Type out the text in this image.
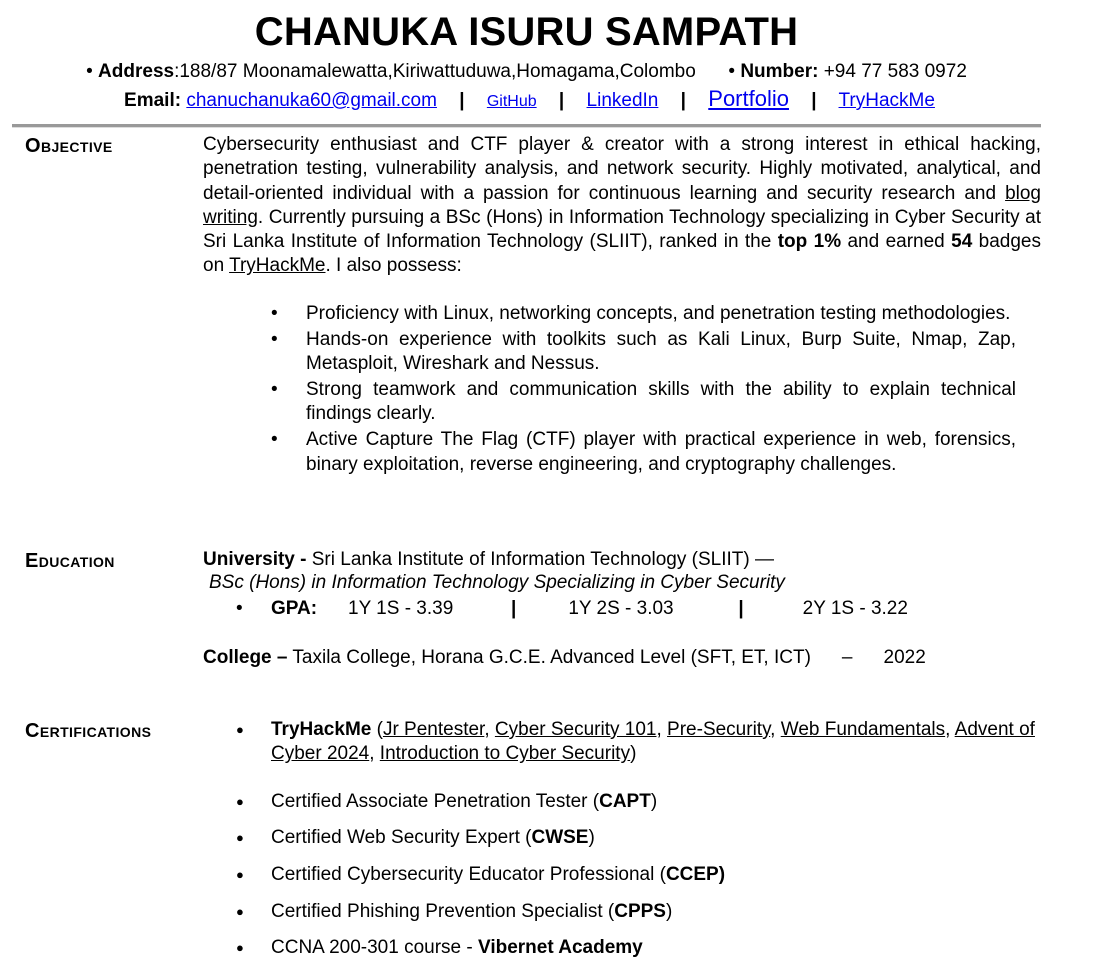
CHANUKA ISURU SAMPATH
• Address:188/87 Moonamalewatta,Kiriwattuduwa,Homagama,Colombo • Number: +94 77 583 0972
Email: chanuchanuka60@gmail.com | GitHub | LinkedIn | Portfolio | TryHackMe
Objective	Cybersecurity enthusiast and CTF player & creator with a strong interest in ethical hacking, penetration testing, vulnerability analysis, and network security. Highly motivated, analytical, and detail-oriented individual with a passion for continuous learning and security research and blog writing. Currently pursuing a BSc (Hons) in Information Technology specializing in Cyber Security at Sri Lanka Institute of Information Technology (SLIIT), ranked in the top 1% and earned 54 badges on TryHackMe. I also possess:
• Proficiency with Linux, networking concepts, and penetration testing methodologies.
• Hands-on experience with toolkits such as Kali Linux, Burp Suite, Nmap, Zap, Metasploit, Wireshark and Nessus.
• Strong teamwork and communication skills with the ability to explain technical findings clearly.
• Active Capture The Flag (CTF) player with practical experience in web, forensics, binary exploitation, reverse engineering, and cryptography challenges.
Education	University - Sri Lanka Institute of Information Technology (SLIIT) —
BSc (Hons) in Information Technology Specializing in Cyber Security
• GPA: 1Y 1S - 3.39	|	1Y 2S - 3.03	|	2Y 1S - 3.22
College – Taxila College, Horana G.C.E. Advanced Level (SFT, ET, ICT) – 2022
Certifications
●	TryHackMe (Jr Pentester, Cyber Security 101, Pre-Security, Web Fundamentals, Advent of Cyber 2024, Introduction to Cyber Security)
● Certified Associate Penetration Tester (CAPT)
● Certified Web Security Expert (CWSE)
● Certified Cybersecurity Educator Professional (CCEP)
● Certified Phishing Prevention Specialist (CPPS)
● CCNA 200-301 course - Vibernet Academy
